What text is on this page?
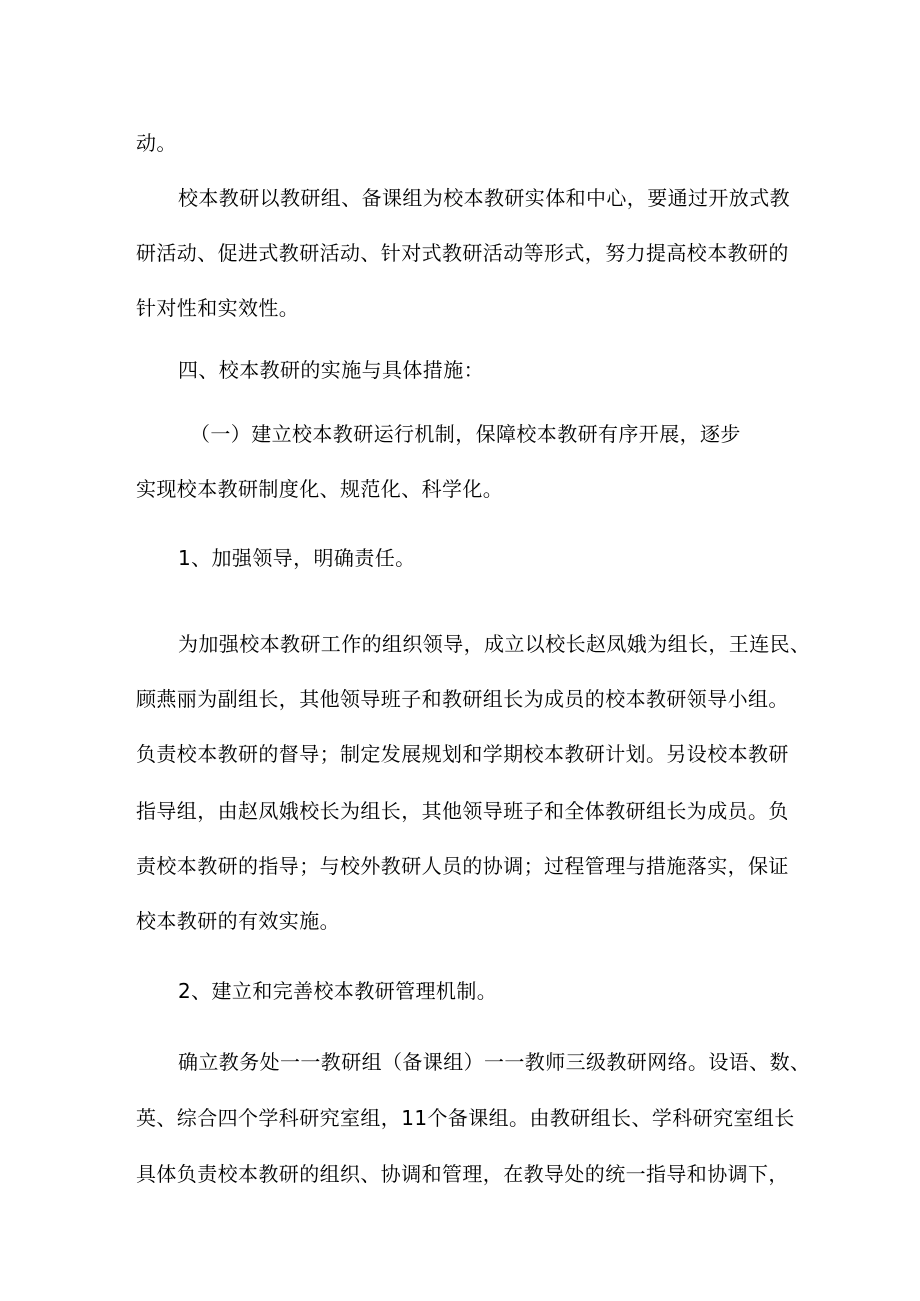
动。
校本教研以教研组、备课组为校本教研实体和中心，要通过开放式教
研活动、促进式教研活动、针对式教研活动等形式，努力提高校本教研的
针对性和实效性。
四、校本教研的实施与具体措施：
（一）建立校本教研运行机制，保障校本教研有序开展，逐步
实现校本教研制度化、规范化、科学化。
1、加强领导，明确责任。
为加强校本教研工作的组织领导，成立以校长赵凤娥为组长，王连民、
顾燕丽为副组长，其他领导班子和教研组长为成员的校本教研领导小组。
负责校本教研的督导；制定发展规划和学期校本教研计划。另设校本教研
指导组，由赵凤娥校长为组长，其他领导班子和全体教研组长为成员。负
责校本教研的指导；与校外教研人员的协调；过程管理与措施落实，保证
校本教研的有效实施。
2、建立和完善校本教研管理机制。
确立教务处一一教研组（备课组）一一教师三级教研网络。设语、数、
英、综合四个学科研究室组，11个备课组。由教研组长、学科研究室组长
具体负责校本教研的组织、协调和管理，在教导处的统一指导和协调下，
